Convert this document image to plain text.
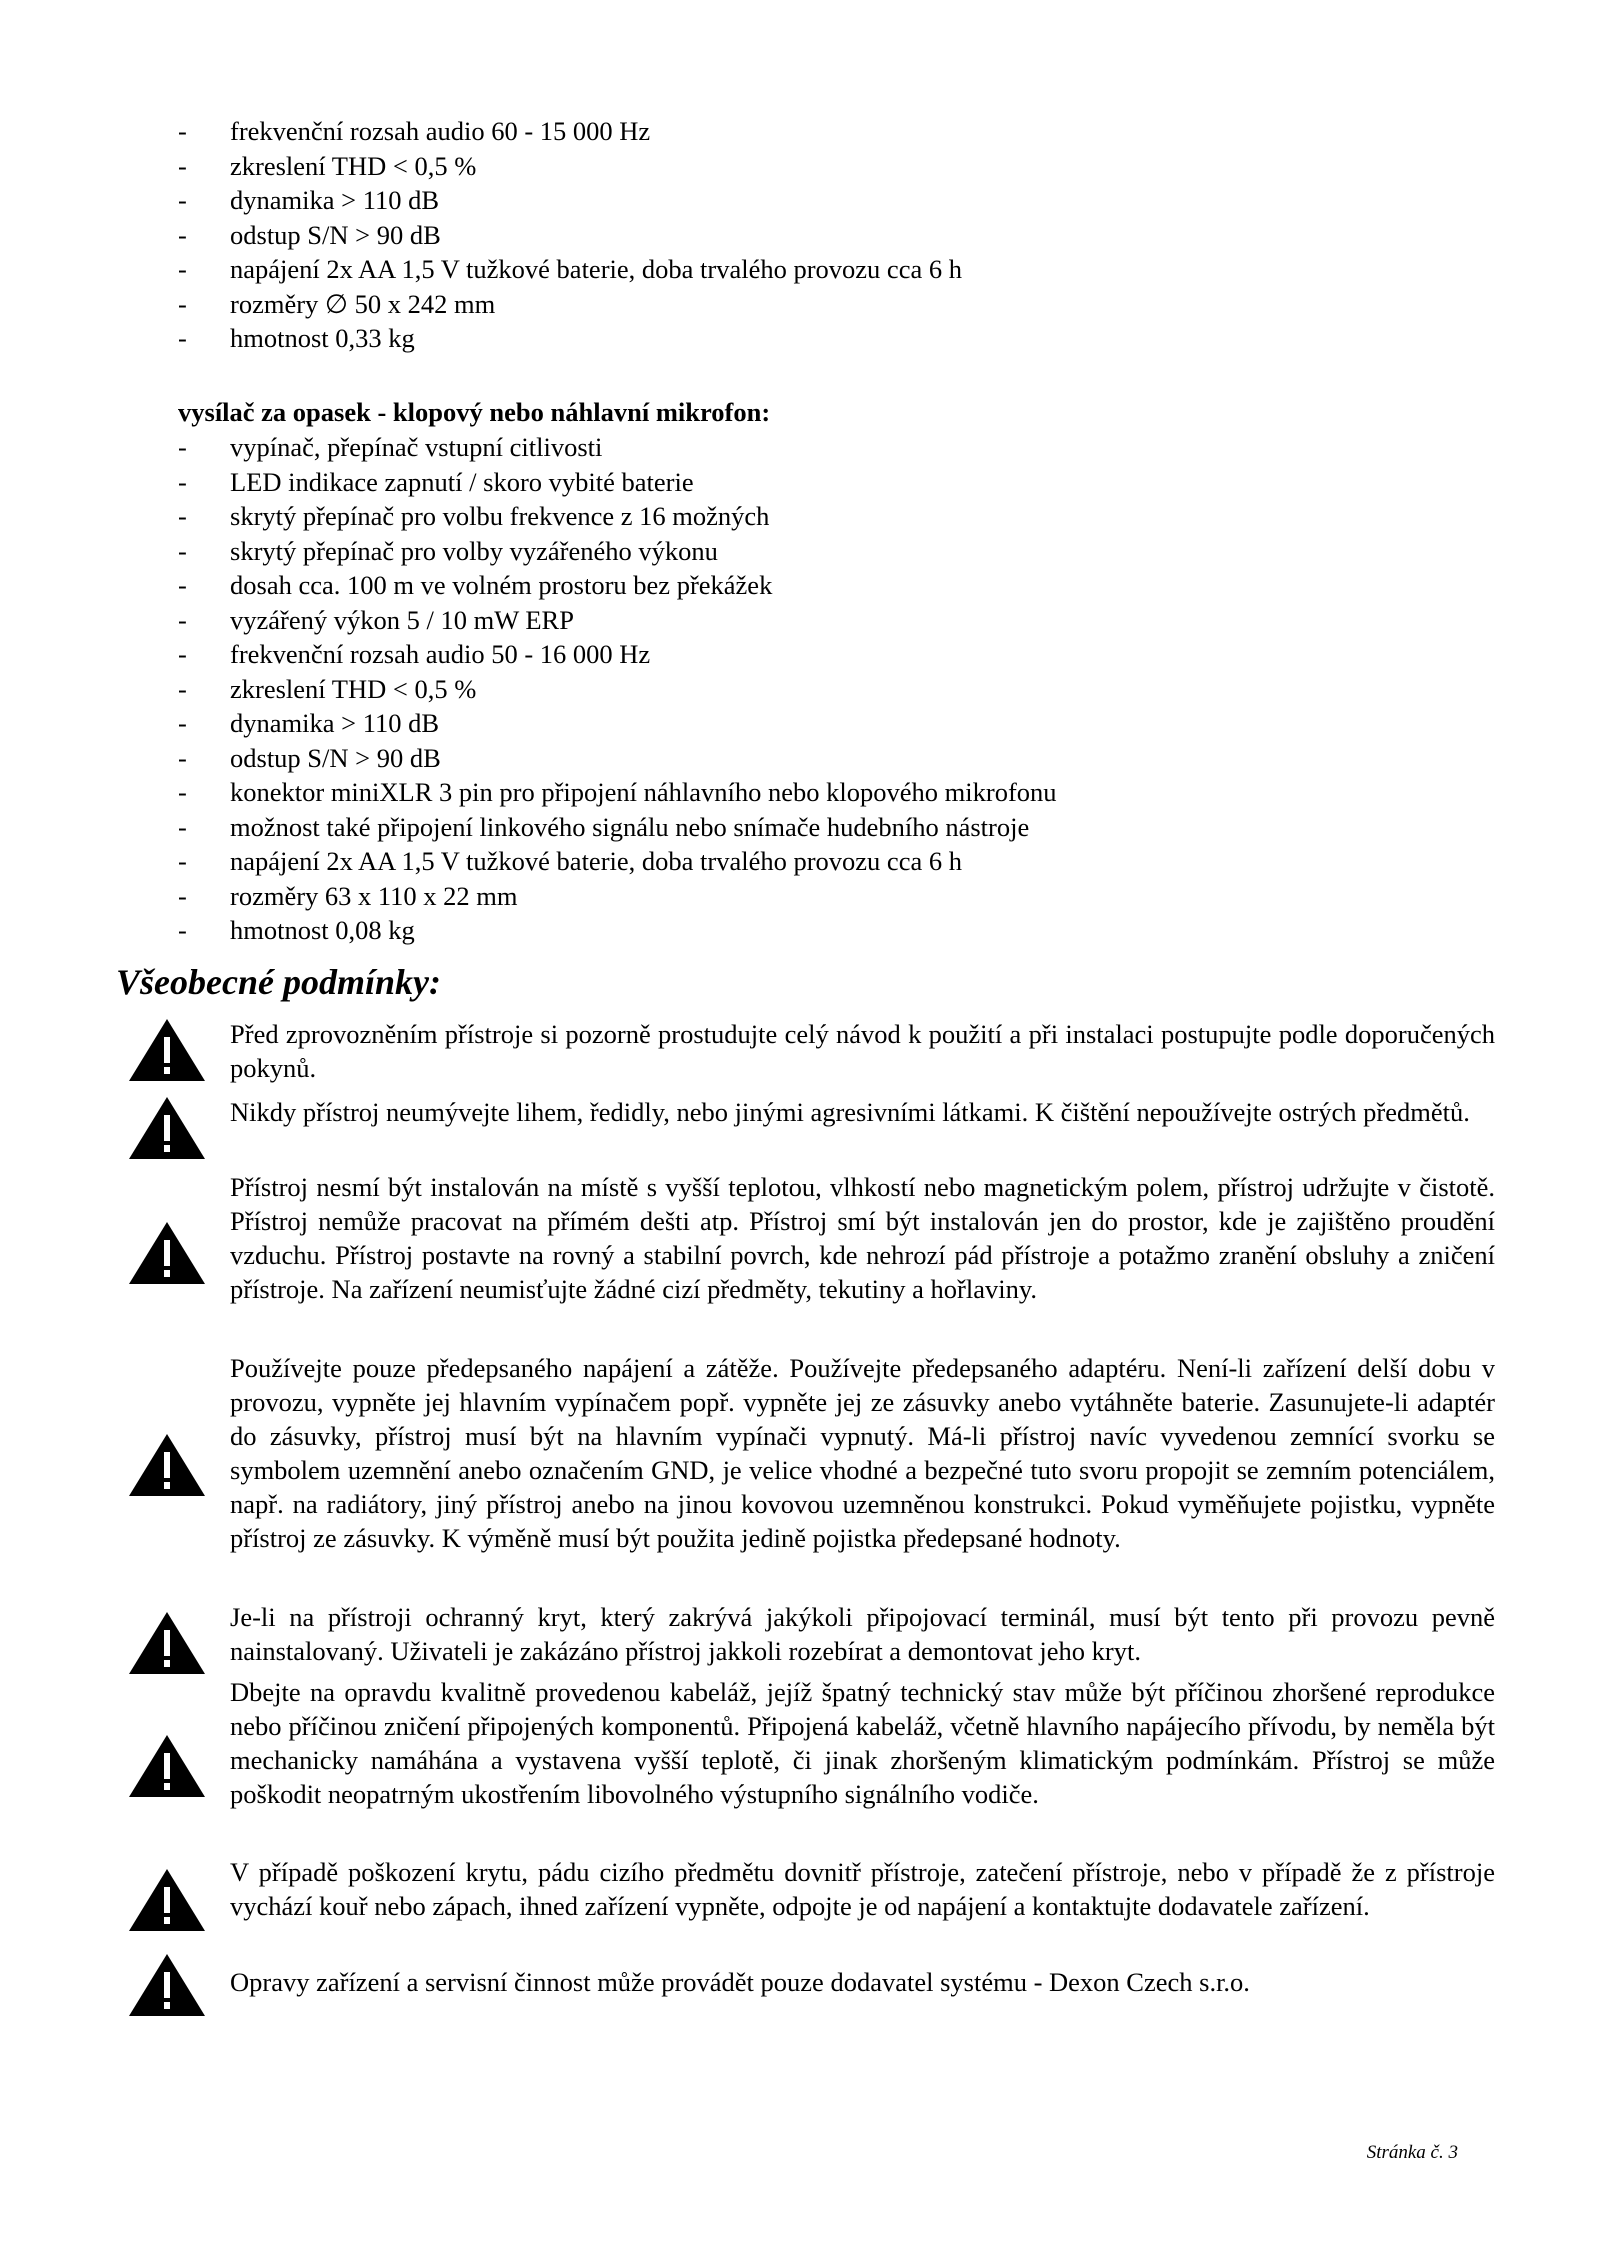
- frekvenční rozsah audio 60 - 15 000 Hz
- zkreslení THD < 0,5 %
- dynamika > 110 dB
- odstup S/N > 90 dB
- napájení 2x AA 1,5 V tužkové baterie, doba trvalého provozu cca 6 h
- rozměry ∅ 50 x 242 mm
- hmotnost 0,33 kg
vysílač za opasek - klopový nebo náhlavní mikrofon:
- vypínač, přepínač vstupní citlivosti
- LED indikace zapnutí / skoro vybité baterie
- skrytý přepínač pro volbu frekvence z 16 možných
- skrytý přepínač pro volby vyzářeného výkonu
- dosah cca. 100 m ve volném prostoru bez překážek
- vyzářený výkon 5 / 10 mW ERP
- frekvenční rozsah audio 50 - 16 000 Hz
- zkreslení THD < 0,5 %
- dynamika > 110 dB
- odstup S/N > 90 dB
- konektor miniXLR 3 pin pro připojení náhlavního nebo klopového mikrofonu
- možnost také připojení linkového signálu nebo snímače hudebního nástroje
- napájení 2x AA 1,5 V tužkové baterie, doba trvalého provozu cca 6 h
- rozměry 63 x 110 x 22 mm
- hmotnost 0,08 kg
Všeobecné podmínky:

Před zprovozněním přístroje si pozorně prostudujte celý návod k použití a při instalaci postupujte podle doporučených pokynů.

Nikdy přístroj neumývejte lihem, ředidly, nebo jinými agresivními látkami. K čištění nepoužívejte ostrých předmětů.

Přístroj nesmí být instalován na místě s vyšší teplotou, vlhkostí nebo magnetickým polem, přístroj udržujte v čistotě. Přístroj nemůže pracovat na přímém dešti atp. Přístroj smí být instalován jen do prostor, kde je zajištěno proudění vzduchu. Přístroj postavte na rovný a stabilní povrch, kde nehrozí pád přístroje a potažmo zranění obsluhy a zničení přístroje. Na zařízení neumisťujte žádné cizí předměty, tekutiny a hořlaviny.

Používejte pouze předepsaného napájení a zátěže. Používejte předepsaného adaptéru. Není-li zařízení delší dobu v provozu, vypněte jej hlavním vypínačem popř. vypněte jej ze zásuvky anebo vytáhněte baterie. Zasunujete-li adaptér do zásuvky, přístroj musí být na hlavním vypínači vypnutý. Má-li přístroj navíc vyvedenou zemnící svorku se symbolem uzemnění anebo označením GND, je velice vhodné a bezpečné tuto svoru propojit se zemním potenciálem, např. na radiátory, jiný přístroj anebo na jinou kovovou uzemněnou konstrukci. Pokud vyměňujete pojistku, vypněte přístroj ze zásuvky. K výměně musí být použita jedině pojistka předepsané hodnoty.

Je-li na přístroji ochranný kryt, který zakrývá jakýkoli připojovací terminál, musí být tento při provozu pevně nainstalovaný. Uživateli je zakázáno přístroj jakkoli rozebírat a demontovat jeho kryt.

Dbejte na opravdu kvalitně provedenou kabeláž, jejíž špatný technický stav může být příčinou zhoršené reprodukce nebo příčinou zničení připojených komponentů. Připojená kabeláž, včetně hlavního napájecího přívodu, by neměla být mechanicky namáhána a vystavena vyšší teplotě, či jinak zhoršeným klimatickým podmínkám. Přístroj se může poškodit neopatrným ukostřením libovolného výstupního signálního vodiče.

V případě poškození krytu, pádu cizího předmětu dovnitř přístroje, zatečení přístroje, nebo v případě že z přístroje vychází kouř nebo zápach, ihned zařízení vypněte, odpojte je od napájení a kontaktujte dodavatele zařízení.

Opravy zařízení a servisní činnost může provádět pouze dodavatel systému - Dexon Czech s.r.o.

Stránka č. 3
